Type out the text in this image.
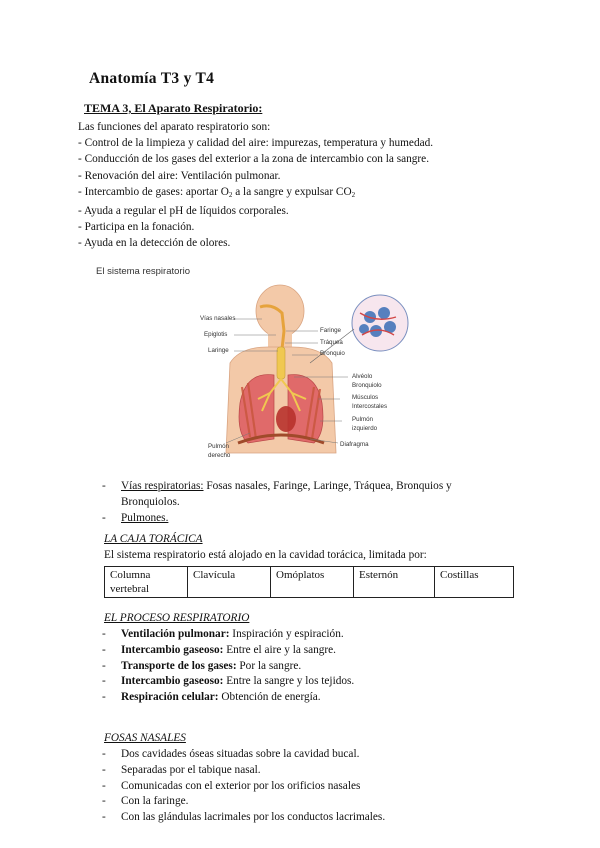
Anatomía T3 y T4
TEMA 3, El Aparato Respiratorio:
Las funciones del aparato respiratorio son:
- Control de la limpieza y calidad del aire: impurezas, temperatura y humedad.
- Conducción de los gases del exterior a la zona de intercambio con la sangre.
- Renovación del aire: Ventilación pulmonar.
- Intercambio de gases: aportar $O_2$ a la sangre y expulsar $CO_2$
- Ayuda a regular el pH de líquidos corporales.
- Participa en la fonación.
- Ayuda en la detección de olores.
El sistema respiratorio
Vías nasales
Epiglotis
Laringe
Faringe
Tráquea
Bronquio
Alvéolo
Bronquiolo
Músculos
Intercostales
Pulmón
izquierdo
Pulmón
derecho
Diafragma
- Vías respiratorias: Fosas nasales, Faringe, Laringe, Tráquea, Bronquios y
Bronquiolos.
- Pulmones.
LA CAJA TORÁCICA
El sistema respiratorio está alojado en la cavidad torácica, limitada por:
Columna vertebral	Clavícula	Omóplatos	Esternón	Costillas
EL PROCESO RESPIRATORIO
- Ventilación pulmonar: Inspiración y espiración.
- Intercambio gaseoso: Entre el aire y la sangre.
- Transporte de los gases: Por la sangre.
- Intercambio gaseoso: Entre la sangre y los tejidos.
- Respiración celular: Obtención de energía.
FOSAS NASALES
- Dos cavidades óseas situadas sobre la cavidad bucal.
- Separadas por el tabique nasal.
- Comunicadas con el exterior por los orificios nasales
- Con la faringe.
- Con las glándulas lacrimales por los conductos lacrimales.
